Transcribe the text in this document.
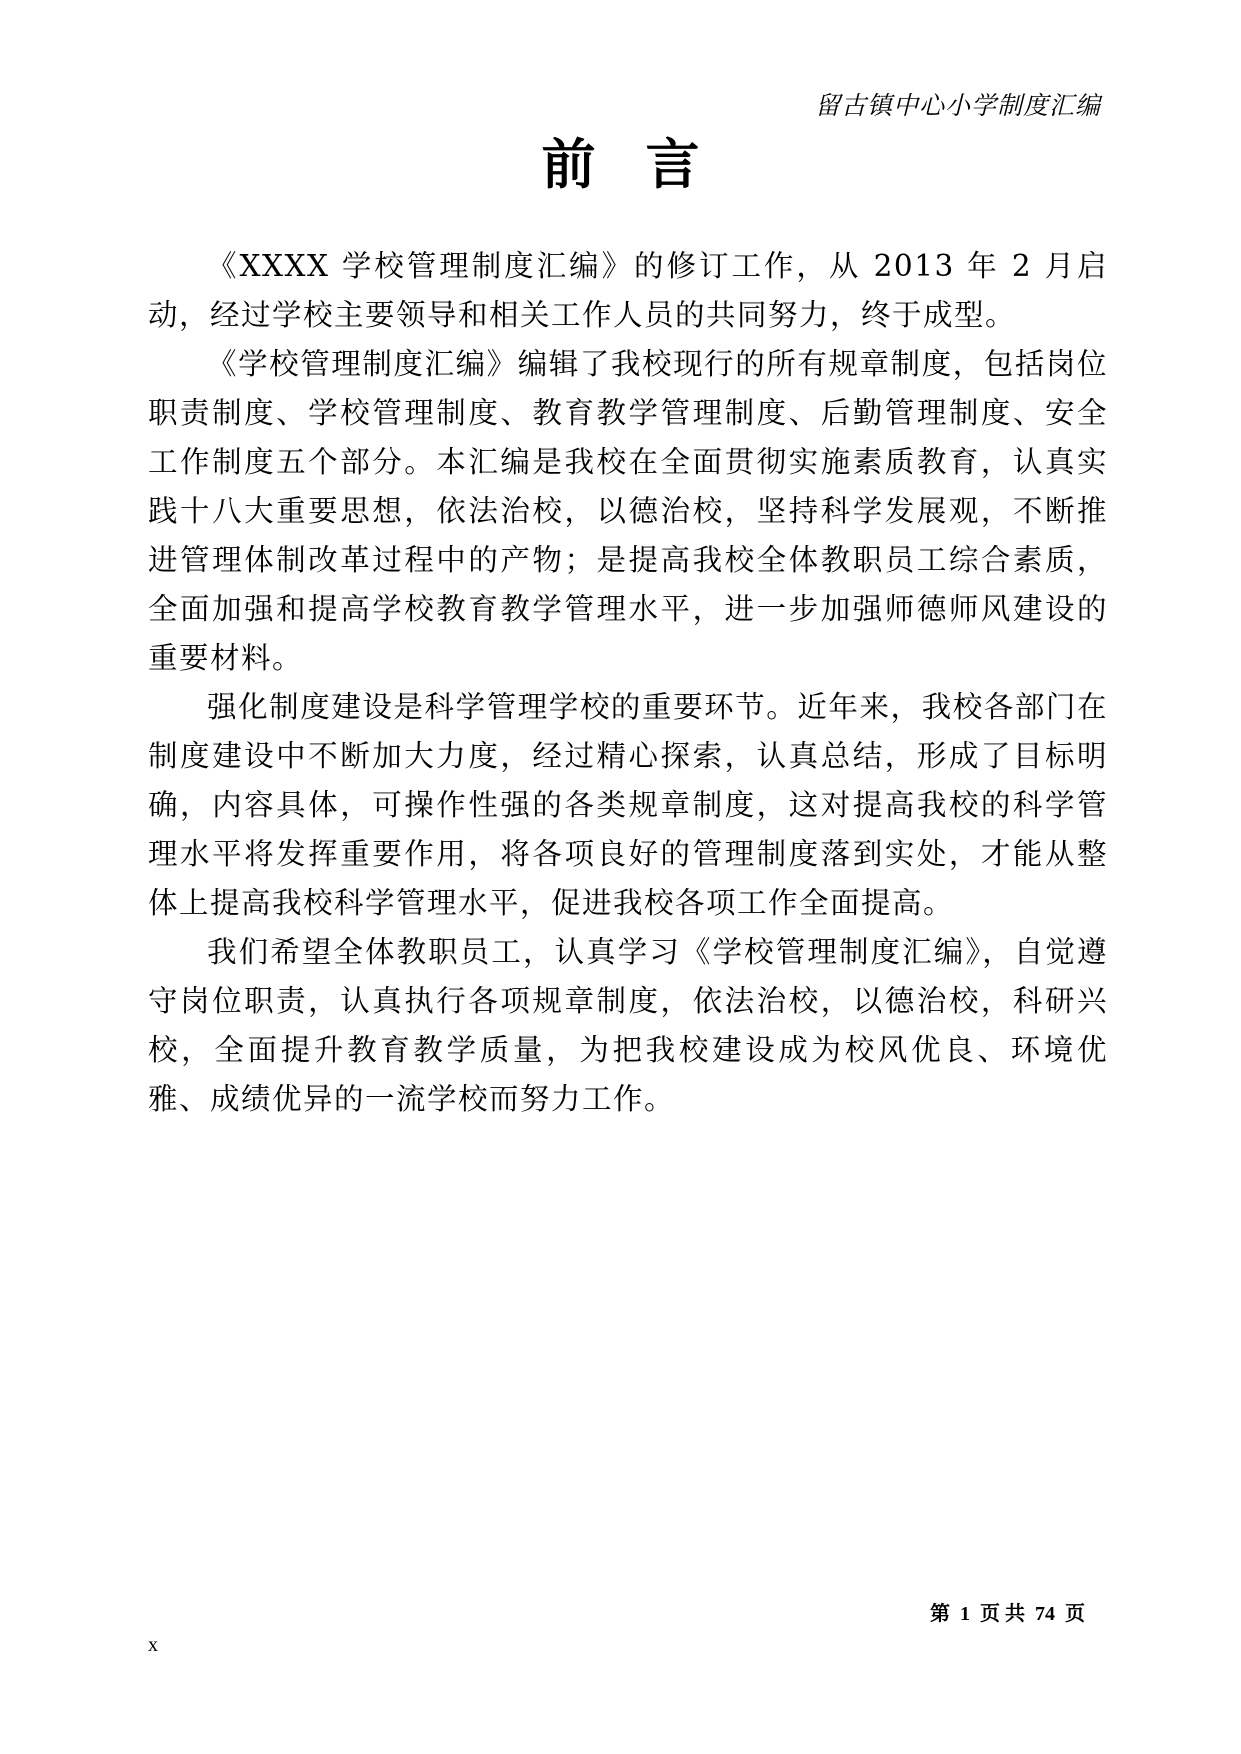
留古镇中心小学制度汇编
前言

《XXXX 学校管理制度汇编》的修订工作，从 2013 年 2 月启动，经过学校主要领导和相关工作人员的共同努力，终于成型。

《学校管理制度汇编》编辑了我校现行的所有规章制度，包括岗位职责制度、学校管理制度、教育教学管理制度、后勤管理制度、安全工作制度五个部分。本汇编是我校在全面贯彻实施素质教育，认真实践十八大重要思想，依法治校，以德治校，坚持科学发展观，不断推进管理体制改革过程中的产物；是提高我校全体教职员工综合素质，全面加强和提高学校教育教学管理水平，进一步加强师德师风建设的重要材料。

强化制度建设是科学管理学校的重要环节。近年来，我校各部门在制度建设中不断加大力度，经过精心探索，认真总结，形成了目标明确，内容具体，可操作性强的各类规章制度，这对提高我校的科学管理水平将发挥重要作用，将各项良好的管理制度落到实处，才能从整体上提高我校科学管理水平，促进我校各项工作全面提高。

我们希望全体教职员工，认真学习《学校管理制度汇编》，自觉遵守岗位职责，认真执行各项规章制度，依法治校，以德治校，科研兴校，全面提升教育教学质量，为把我校建设成为校风优良、环境优雅、成绩优异的一流学校而努力工作。

第  1  页 共  74  页
x
